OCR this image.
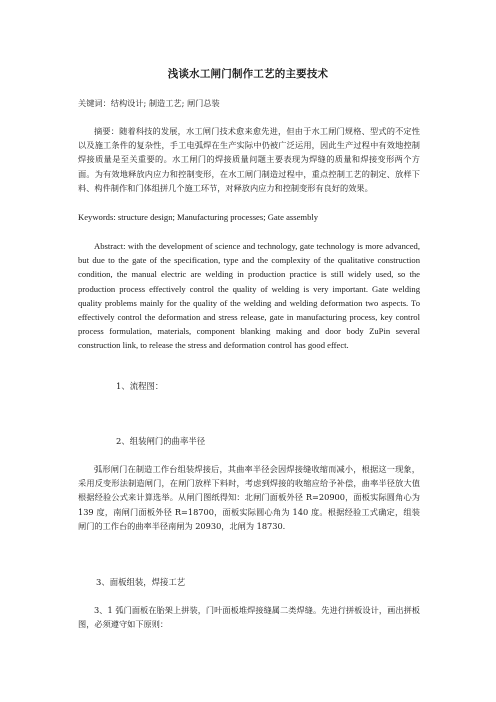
浅谈水工闸门制作工艺的主要技术
关键词：结构设计; 制造工艺; 闸门总装
摘要：随着科技的发展，水工闸门技术愈来愈先进，但由于水工闸门规格、型式的不定性以及施工条件的复杂性，手工电弧焊在生产实际中仍被广泛运用，因此生产过程中有效地控制焊接质量是至关重要的。水工闸门的焊接质量问题主要表现为焊缝的质量和焊接变形两个方面。为有效地释放内应力和控制变形，在水工闸门制造过程中，重点控制工艺的制定、放样下料、构件制作和门体组拼几个施工环节，对释放内应力和控制变形有良好的效果。
Keywords: structure design; Manufacturing processes; Gate assembly
Abstract: with the development of science and technology, gate technology is more advanced, but due to the gate of the specification, type and the complexity of the qualitative construction condition, the manual electric are welding in production practice is still widely used, so the production process effectively control the quality of welding is very important. Gate welding quality problems mainly for the quality of the welding and welding deformation two aspects. To effectively control the deformation and stress release, gate in manufacturing process, key control process formulation, materials, component blanking making and door body ZuPin several construction link, to release the stress and deformation control has good effect.
1、流程图：
2、组装闸门的曲率半径
弧形闸门在制造工作台组装焊接后，其曲率半径会因焊接缝收缩而减小，根据这一现象，采用反变形法制造闸门，在闸门放样下料时，考虑到焊接的收缩应给予补偿，曲率半径放大值根据经验公式来计算选举。从闸门图纸得知：北闸门面板外径 R=20900，面板实际圆角心为 139 度，南闸门面板外径 R=18700，面板实际圆心角为 140 度。根据经验工式确定，组装闸门的工作台的曲率半径南闸为 20930，北闸为 18730.
3、面板组装，焊接工艺
3、1 弧门面板在胎架上拼装，门叶面板堆焊接缝属二类焊缝。先进行拼板设计，画出拼板图，必须遵守如下原则：
